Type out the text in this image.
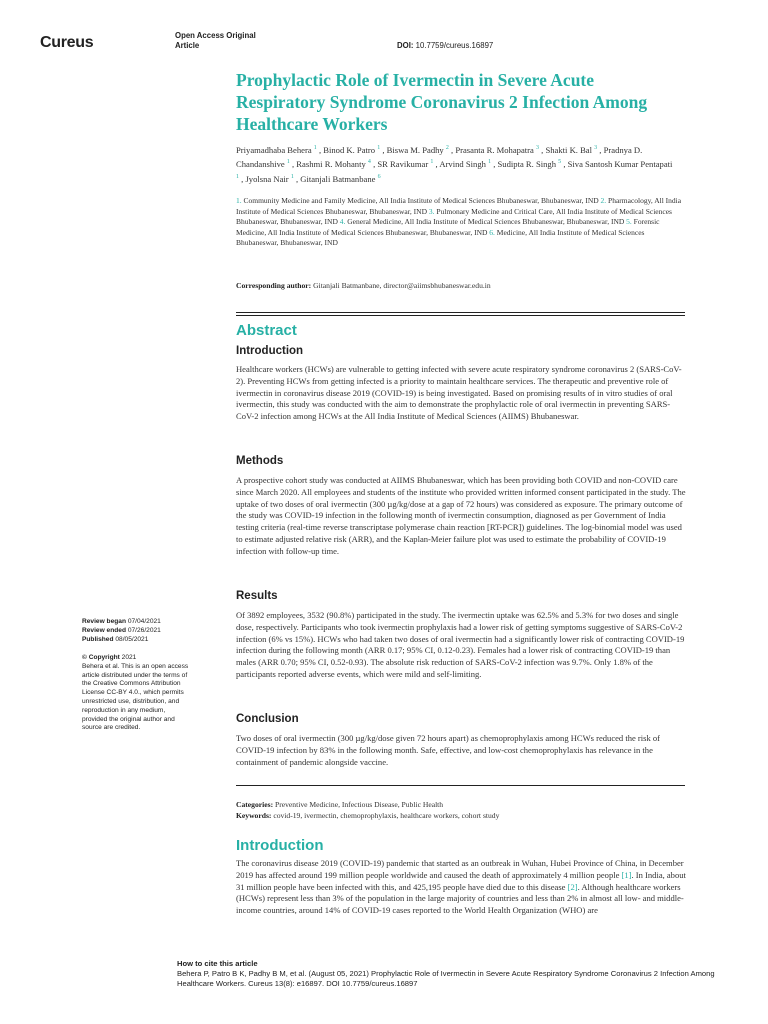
Cureus	Open Access Original
Article	DOI: 10.7759/cureus.16897
Prophylactic Role of Ivermectin in Severe Acute Respiratory Syndrome Coronavirus 2 Infection Among Healthcare Workers
Priyamadhaba Behera $^1$ , Binod K. Patro $^1$ , Biswa M. Padhy $^2$ , Prasanta R. Mohapatra $^3$ , Shakti K. Bal $^3$ , Pradnya D. Chandanshive $^1$ , Rashmi R. Mohanty $^4$ , SR Ravikumar $^1$ , Arvind Singh $^1$ , Sudipta R. Singh $^5$ , Siva Santosh Kumar Pentapati $^1$ , Jyolsna Nair $^1$ , Gitanjali Batmanbane $^6$
1. Community Medicine and Family Medicine, All India Institute of Medical Sciences Bhubaneswar, Bhubaneswar, IND 2. Pharmacology, All India Institute of Medical Sciences Bhubaneswar, Bhubaneswar, IND 3. Pulmonary Medicine and Critical Care, All India Institute of Medical Sciences Bhubaneswar, Bhubaneswar, IND 4. General Medicine, All India Institute of Medical Sciences Bhubaneswar, Bhubaneswar, IND 5. Forensic Medicine, All India Institute of Medical Sciences Bhubaneswar, Bhubaneswar, IND 6. Medicine, All India Institute of Medical Sciences Bhubaneswar, Bhubaneswar, IND
Corresponding author: Gitanjali Batmanbane, director@aiimsbhubaneswar.edu.in
Abstract
Introduction
Healthcare workers (HCWs) are vulnerable to getting infected with severe acute respiratory syndrome coronavirus 2 (SARS-CoV-2). Preventing HCWs from getting infected is a priority to maintain healthcare services. The therapeutic and preventive role of ivermectin in coronavirus disease 2019 (COVID-19) is being investigated. Based on promising results of in vitro studies of oral ivermectin, this study was conducted with the aim to demonstrate the prophylactic role of oral ivermectin in preventing SARS-CoV-2 infection among HCWs at the All India Institute of Medical Sciences (AIIMS) Bhubaneswar.
Methods
A prospective cohort study was conducted at AIIMS Bhubaneswar, which has been providing both COVID and non-COVID care since March 2020. All employees and students of the institute who provided written informed consent participated in the study. The uptake of two doses of oral ivermectin (300 µg/kg/dose at a gap of 72 hours) was considered as exposure. The primary outcome of the study was COVID-19 infection in the following month of ivermectin consumption, diagnosed as per Government of India testing criteria (real-time reverse transcriptase polymerase chain reaction [RT-PCR]) guidelines. The log-binomial model was used to estimate adjusted relative risk (ARR), and the Kaplan-Meier failure plot was used to estimate the probability of COVID-19 infection with follow-up time.
Results
Of 3892 employees, 3532 (90.8%) participated in the study. The ivermectin uptake was 62.5% and 5.3% for two doses and single dose, respectively. Participants who took ivermectin prophylaxis had a lower risk of getting symptoms suggestive of SARS-CoV-2 infection (6% vs 15%). HCWs who had taken two doses of oral ivermectin had a significantly lower risk of contracting COVID-19 infection during the following month (ARR 0.17; 95% CI, 0.12-0.23). Females had a lower risk of contracting COVID-19 than males (ARR 0.70; 95% CI, 0.52-0.93). The absolute risk reduction of SARS-CoV-2 infection was 9.7%. Only 1.8% of the participants reported adverse events, which were mild and self-limiting.
Conclusion
Two doses of oral ivermectin (300 µg/kg/dose given 72 hours apart) as chemoprophylaxis among HCWs reduced the risk of COVID-19 infection by 83% in the following month. Safe, effective, and low-cost chemoprophylaxis has relevance in the containment of pandemic alongside vaccine.
Review began 07/04/2021
Review ended 07/26/2021
Published 08/05/2021
© Copyright 2021
Behera et al. This is an open access article distributed under the terms of the Creative Commons Attribution License CC-BY 4.0., which permits unrestricted use, distribution, and reproduction in any medium, provided the original author and source are credited.
Categories: Preventive Medicine, Infectious Disease, Public Health
Keywords: covid-19, ivermectin, chemoprophylaxis, healthcare workers, cohort study
Introduction
The coronavirus disease 2019 (COVID-19) pandemic that started as an outbreak in Wuhan, Hubei Province of China, in December 2019 has affected around 199 million people worldwide and caused the death of approximately 4 million people [1]. In India, about 31 million people have been infected with this, and 425,195 people have died due to this disease [2]. Although healthcare workers (HCWs) represent less than 3% of the population in the large majority of countries and less than 2% in almost all low- and middle-income countries, around 14% of COVID-19 cases reported to the World Health Organization (WHO) are
How to cite this article
Behera P, Patro B K, Padhy B M, et al. (August 05, 2021) Prophylactic Role of Ivermectin in Severe Acute Respiratory Syndrome Coronavirus 2 Infection Among Healthcare Workers. Cureus 13(8): e16897. DOI 10.7759/cureus.16897
